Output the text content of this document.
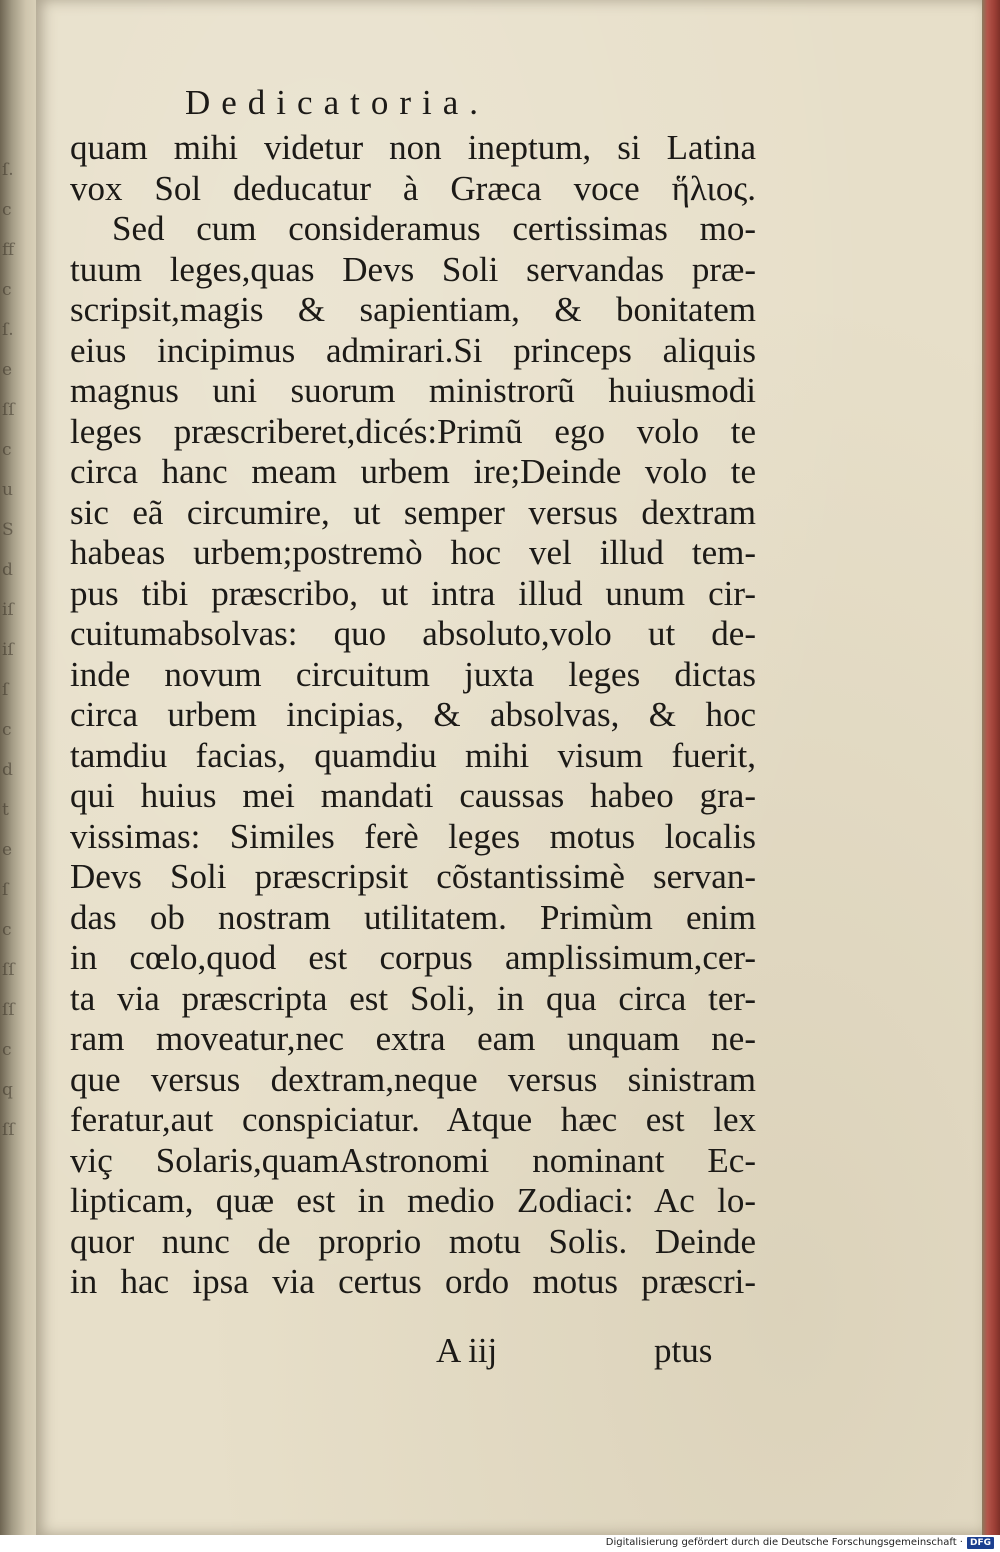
ſ.cffcſ.eſſcuSdiſiſſcdteſcſſſſcqſſ
Dedicatoria.
quam mihi videtur non ineptum, si Latina
vox Sol deducatur à Græca voce ἥλιος.
Sed cum consideramus certissimas mo-
tuum leges,quas Devs Soli servandas præ-
scripsit,magis & sapientiam, & bonitatem
eius incipimus admirari.Si princeps aliquis
magnus uni suorum ministrorũ huiusmodi
leges præscriberet,dicés:Primũ ego volo te
circa hanc meam urbem ire;Deinde volo te
sic eã circumire, ut semper versus dextram
habeas urbem;postremò hoc vel illud tem-
pus tibi præscribo, ut intra illud unum cir-
cuitumabsolvas: quo absoluto,volo ut de-
inde novum circuitum juxta leges dictas
circa urbem incipias, & absolvas, & hoc
tamdiu facias, quamdiu mihi visum fuerit,
qui huius mei mandati caussas habeo gra-
vissimas: Similes ferè leges motus localis
Devs Soli præscripsit cõstantissimè servan-
das ob nostram utilitatem. Primùm enim
in cœlo,quod est corpus amplissimum,cer-
ta via præscripta est Soli, in qua circa ter-
ram moveatur,nec extra eam unquam ne-
que versus dextram,neque versus sinistram
feratur,aut conspiciatur. Atque hæc est lex
viç Solaris,quamAstronomi nominant Ec-
lipticam, quæ est in medio Zodiaci: Ac lo-
quor nunc de proprio motu Solis. Deinde
in hac ipsa via certus ordo motus præscri-
A iij	ptus
Digitalisierung gefördert durch die Deutsche Forschungsgemeinschaft · DFG
